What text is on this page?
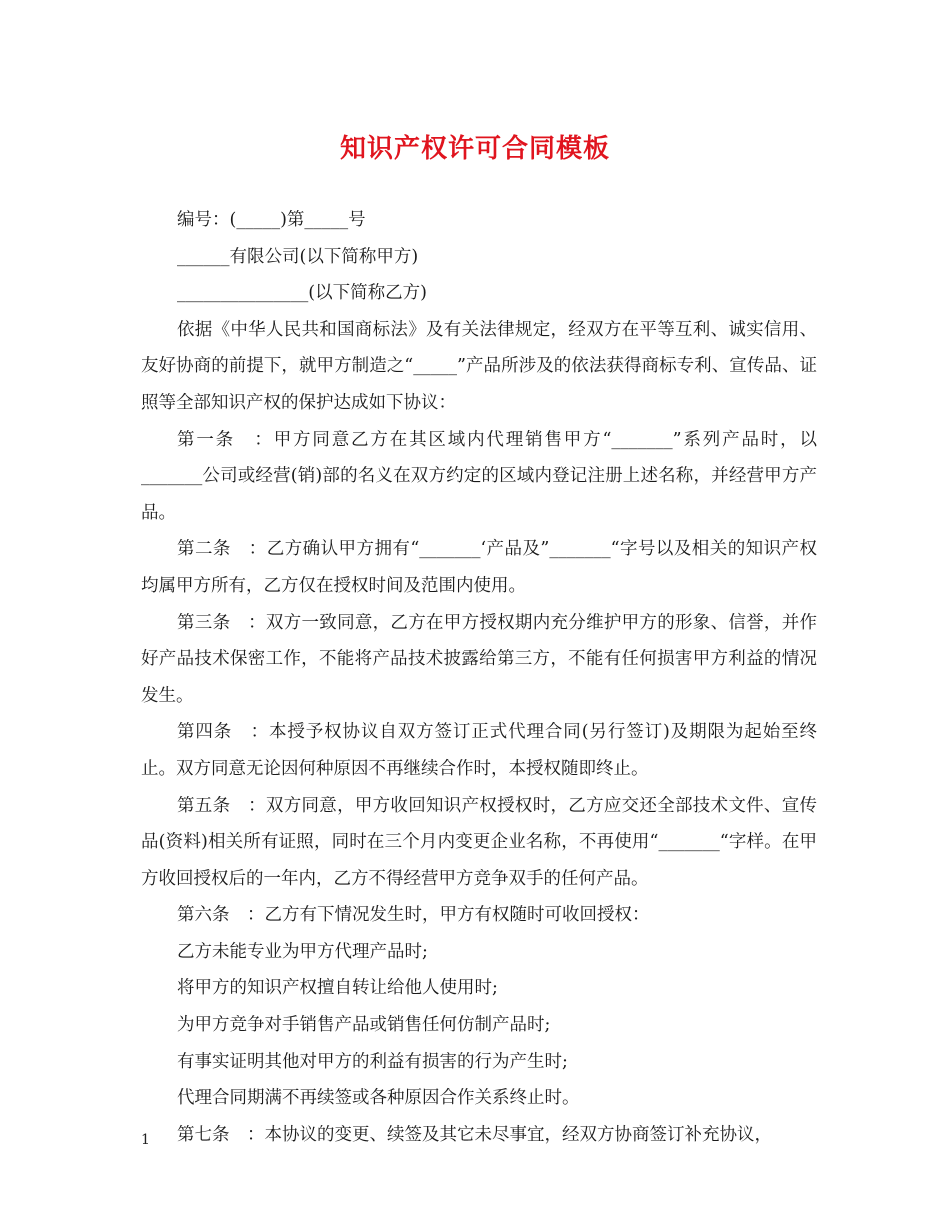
知识产权许可合同模板

编号：(_____)第_____号

______有限公司(以下简称甲方)

_______________(以下简称乙方)

依据《中华人民共和国商标法》及有关法律规定，经双方在平等互利、诚实信用、友好协商的前提下，就甲方制造之“_____”产品所涉及的依法获得商标专利、宣传品、证照等全部知识产权的保护达成如下协议：

第一条　：甲方同意乙方在其区域内代理销售甲方“_______”系列产品时，以_______公司或经营(销)部的名义在双方约定的区域内登记注册上述名称，并经营甲方产品。

第二条　：乙方确认甲方拥有“_______‘产品及”_______“字号以及相关的知识产权均属甲方所有，乙方仅在授权时间及范围内使用。

第三条　：双方一致同意，乙方在甲方授权期内充分维护甲方的形象、信誉，并作好产品技术保密工作，不能将产品技术披露给第三方，不能有任何损害甲方利益的情况发生。

第四条　：本授予权协议自双方签订正式代理合同(另行签订)及期限为起始至终止。双方同意无论因何种原因不再继续合作时，本授权随即终止。

第五条　：双方同意，甲方收回知识产权授权时，乙方应交还全部技术文件、宣传品(资料)相关所有证照，同时在三个月内变更企业名称，不再使用“_______“字样。在甲方收回授权后的一年内，乙方不得经营甲方竞争双手的任何产品。

第六条　：乙方有下情况发生时，甲方有权随时可收回授权：

乙方未能专业为甲方代理产品时;

将甲方的知识产权擅自转让给他人使用时;

为甲方竞争对手销售产品或销售任何仿制产品时;

有事实证明其他对甲方的利益有损害的行为产生时;

代理合同期满不再续签或各种原因合作关系终止时。

第七条　：本协议的变更、续签及其它未尽事宜，经双方协商签订补充协议，

1
